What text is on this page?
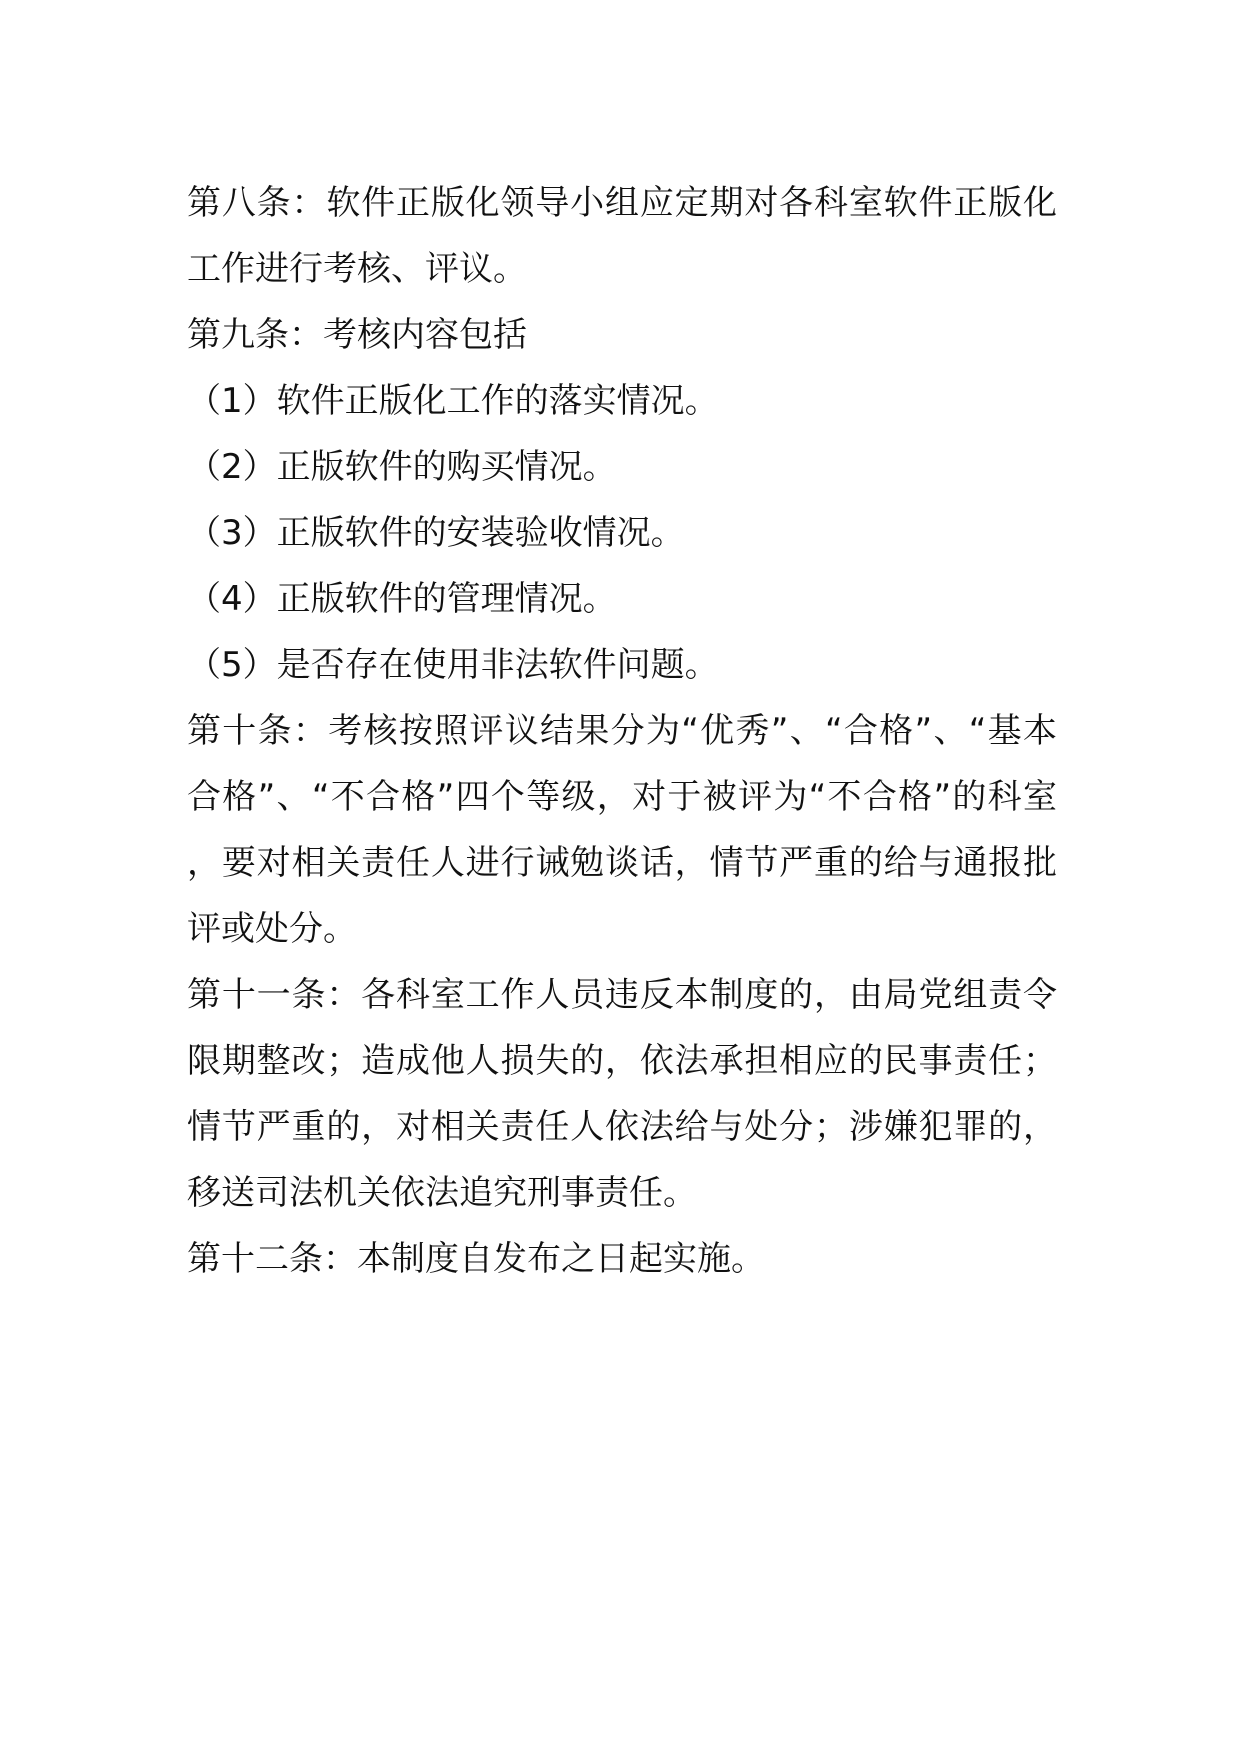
第八条：软件正版化领导小组应定期对各科室软件正版化工作进行考核、评议。

第九条：考核内容包括

（1）软件正版化工作的落实情况。

（2）正版软件的购买情况。

（3）正版软件的安装验收情况。

（4）正版软件的管理情况。

（5）是否存在使用非法软件问题。

第十条：考核按照评议结果分为“优秀”、“合格”、“基本合格”、“不合格”四个等级，对于被评为“不合格”的科室，要对相关责任人进行诫勉谈话，情节严重的给与通报批评或处分。

第十一条：各科室工作人员违反本制度的，由局党组责令限期整改；造成他人损失的，依法承担相应的民事责任；情节严重的，对相关责任人依法给与处分；涉嫌犯罪的，移送司法机关依法追究刑事责任。

第十二条：本制度自发布之日起实施。
